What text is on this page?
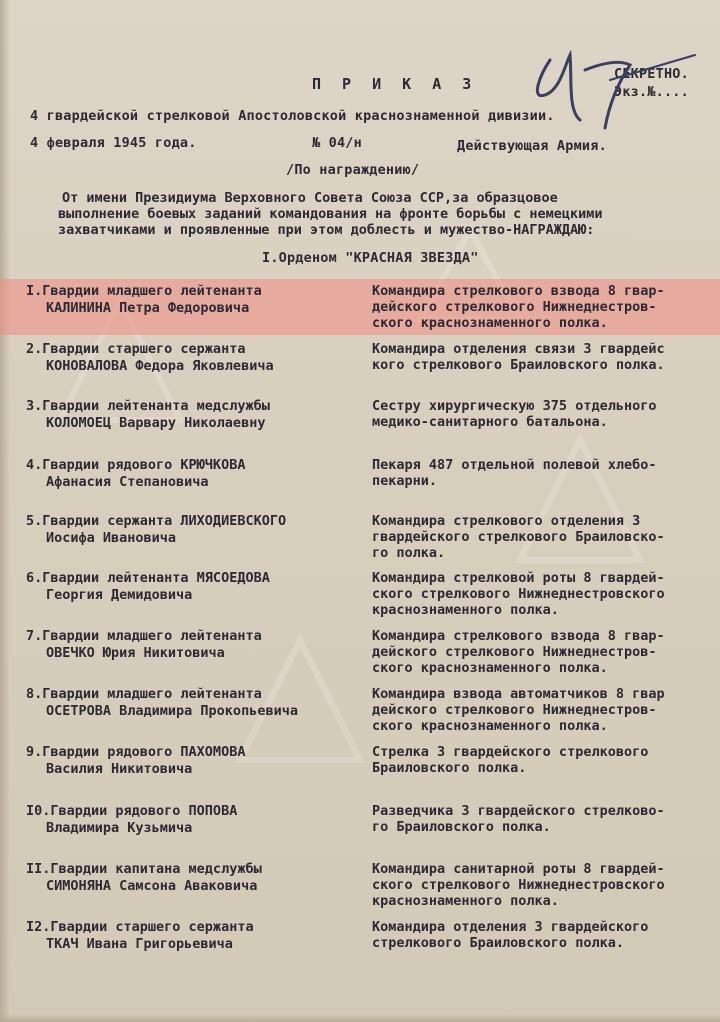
П Р И К А З
СЕКРЕТНО.
Экз.№....
4 гвардейской стрелковой Апостоловской краснознаменной дивизии.
4 февраля 1945 года.	№ 04/н	Действующая Армия.
/По награждению/
От имени Президиума Верховного Совета Союза ССР,за образцовое
выполнение боевых заданий командования на фронте борьбы с немецкими
захватчиками и проявленные при этом доблесть и мужество-НАГРАЖДАЮ:
I.Орденом "КРАСНАЯ ЗВЕЗДА"
I.Гвардии младшего лейтенанта
КАЛИНИНА Петра Федоровича
Командира стрелкового взвода 8 гвар-
дейского стрелкового Нижнеднестров-
ского краснознаменного полка.
2.Гвардии старшего сержанта
КОНОВАЛОВА Федора Яковлевича
Командира отделения связи 3 гвардейс
кого стрелкового Браиловского полка.
3.Гвардии лейтенанта медслужбы
КОЛОМОЕЦ Варвару Николаевну
Сестру хирургическую 375 отдельного
медико-санитарного батальона.
4.Гвардии рядового КРЮЧКОВА
Афанасия Степановича
Пекаря 487 отдельной полевой хлебо-
пекарни.
5.Гвардии сержанта ЛИХОДИЕВСКОГО
Иосифа Ивановича
Командира стрелкового отделения 3
гвардейского стрелкового Браиловско-
го полка.
6.Гвардии лейтенанта МЯСОЕДОВА
Георгия Демидовича
Командира стрелковой роты 8 гвардей-
ского стрелкового Нижнеднестровского
краснознаменного полка.
7.Гвардии младшего лейтенанта
ОВЕЧКО Юрия Никитовича
Командира стрелкового взвода 8 гвар-
дейского стрелкового Нижнеднестров-
ского краснознаменного полка.
8.Гвардии младшего лейтенанта
ОСЕТРОВА Владимира Прокопьевича
Командира взвода автоматчиков 8 гвар
дейского стрелкового Нижнеднестров-
ского краснознаменного полка.
9.Гвардии рядового ПАХОМОВА
Василия Никитовича
Стрелка 3 гвардейского стрелкового
Браиловского полка.
I0.Гвардии рядового ПОПОВА
Владимира Кузьмича
Разведчика 3 гвардейского стрелково-
го Браиловского полка.
II.Гвардии капитана медслужбы
СИМОНЯНА Самсона Авакoвича
Командира санитарной роты 8 гвардей-
ского стрелкового Нижнеднестровского
краснознаменного полка.
I2.Гвардии старшего сержанта
ТКАЧ Ивана Григорьевича
Командира отделения 3 гвардейского
стрелкового Браиловского полка.
